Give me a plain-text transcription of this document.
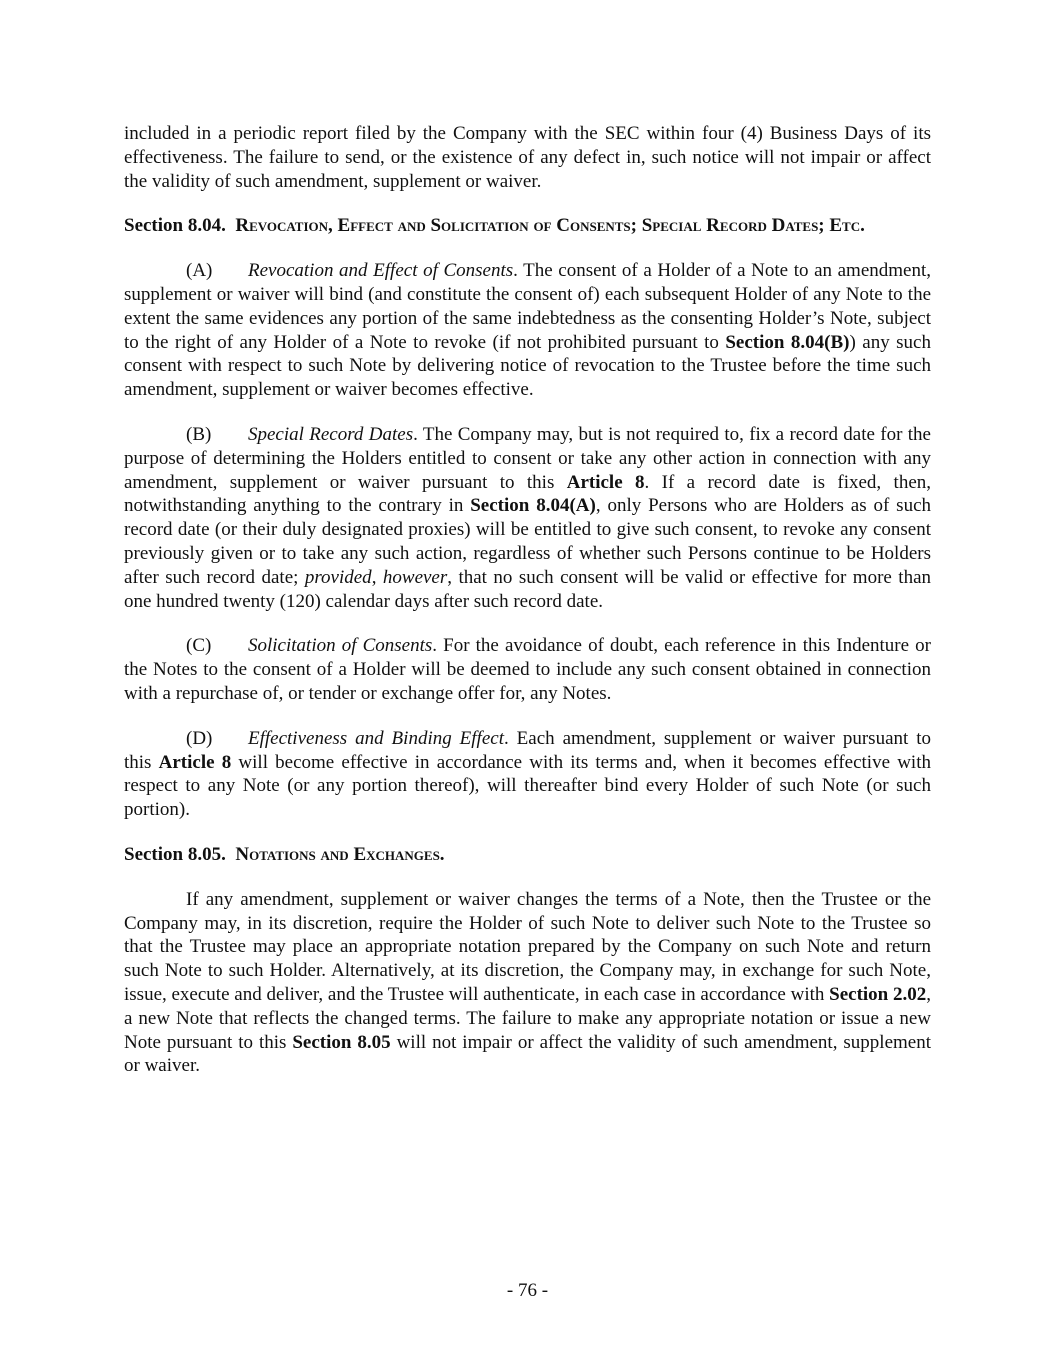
included in a periodic report filed by the Company with the SEC within four (4) Business Days of its effectiveness. The failure to send, or the existence of any defect in, such notice will not impair or affect the validity of such amendment, supplement or waiver.

Section 8.04. Revocation, Effect and Solicitation of Consents; Special Record Dates; Etc.

(A) Revocation and Effect of Consents. The consent of a Holder of a Note to an amendment, supplement or waiver will bind (and constitute the consent of) each subsequent Holder of any Note to the extent the same evidences any portion of the same indebtedness as the consenting Holder’s Note, subject to the right of any Holder of a Note to revoke (if not prohibited pursuant to Section 8.04(B)) any such consent with respect to such Note by delivering notice of revocation to the Trustee before the time such amendment, supplement or waiver becomes effective.

(B) Special Record Dates. The Company may, but is not required to, fix a record date for the purpose of determining the Holders entitled to consent or take any other action in connection with any amendment, supplement or waiver pursuant to this Article 8. If a record date is fixed, then, notwithstanding anything to the contrary in Section 8.04(A), only Persons who are Holders as of such record date (or their duly designated proxies) will be entitled to give such consent, to revoke any consent previously given or to take any such action, regardless of whether such Persons continue to be Holders after such record date; provided, however, that no such consent will be valid or effective for more than one hundred twenty (120) calendar days after such record date.

(C) Solicitation of Consents. For the avoidance of doubt, each reference in this Indenture or the Notes to the consent of a Holder will be deemed to include any such consent obtained in connection with a repurchase of, or tender or exchange offer for, any Notes.

(D) Effectiveness and Binding Effect. Each amendment, supplement or waiver pursuant to this Article 8 will become effective in accordance with its terms and, when it becomes effective with respect to any Note (or any portion thereof), will thereafter bind every Holder of such Note (or such portion).

Section 8.05. Notations and Exchanges.

If any amendment, supplement or waiver changes the terms of a Note, then the Trustee or the Company may, in its discretion, require the Holder of such Note to deliver such Note to the Trustee so that the Trustee may place an appropriate notation prepared by the Company on such Note and return such Note to such Holder. Alternatively, at its discretion, the Company may, in exchange for such Note, issue, execute and deliver, and the Trustee will authenticate, in each case in accordance with Section 2.02, a new Note that reflects the changed terms. The failure to make any appropriate notation or issue a new Note pursuant to this Section 8.05 will not impair or affect the validity of such amendment, supplement or waiver.

- 76 -
